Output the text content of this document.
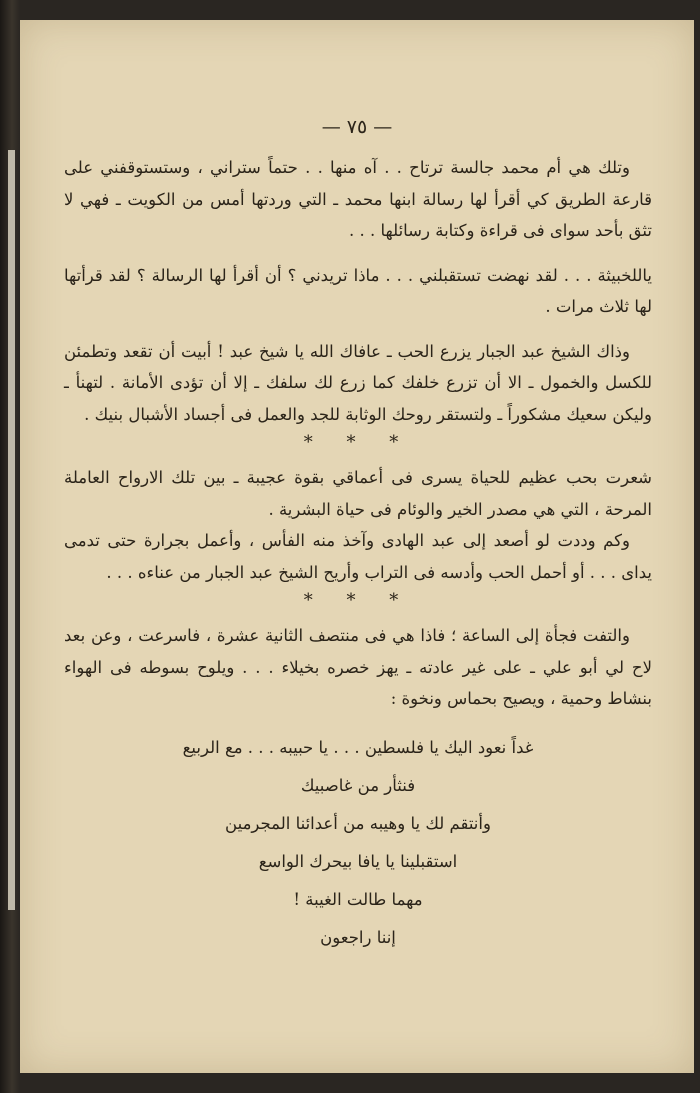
— ٧٥ —

وتلك هي أم محمد جالسة ترتاح . . آه منها . . حتماً ستراني ، وستستوقفني على قارعة الطريق كي أقرأ لها رسالة ابنها محمد ـ التي وردتها أمس من الكويت ـ فهي لا تثق بأحد سوای فی قراءة وكتابة رسائلها . . .

ياللخبيثة . . . لقد نهضت تستقبلني . . . ماذا تريدني ؟ أن أقرأ لها الرسالة ؟ لقد قرأتها لها ثلاث مرات .

وذاك الشيخ عبد الجبار يزرع الحب ـ عافاك الله يا شيخ عبد ! أبيت أن تقعد وتطمئن للكسل والخمول ـ الا أن تزرع خلفك كما زرع لك سلفك ـ إلا أن تؤدى الأمانة . لتهنأ ـ وليكن سعيك مشكوراً ـ ولتستقر روحك الوثابة للجد والعمل فى أجساد الأشبال بنيك .

* * *

شعرت بحب عظيم للحياة يسرى فى أعماقي بقوة عجيبة ـ بين تلك الارواح العاملة المرحة ، التي هي مصدر الخير والوئام فى حياة البشرية .

وكم وددت لو أصعد إلى عبد الهادى وآخذ منه الفأس ، وأعمل بجرارة حتى تدمى يداى . . . أو أحمل الحب وأدسه فى التراب وأريح الشيخ عبد الجبار من عناءه . . .

* * *

والتفت فجأة إلى الساعة ؛ فاذا هي فى منتصف الثانية عشرة ، فاسرعت ، وعن بعد لاح لي أبو علي ـ على غير عادته ـ يهز خصره بخيلاء . . . ويلوح بسوطه فى الهواء بنشاط وحمية ، ويصيح بحماس ونخوة :

غداً نعود اليك يا فلسطين . . . يا حبيبه . . . مع الربيع
فنثأر من غاصبيك
وأنتقم لك يا وهيبه من أعدائنا المجرمين
استقبلينا يا يافا بيحرك الواسع
مهما طالت الغيبة !
إننا راجعون
